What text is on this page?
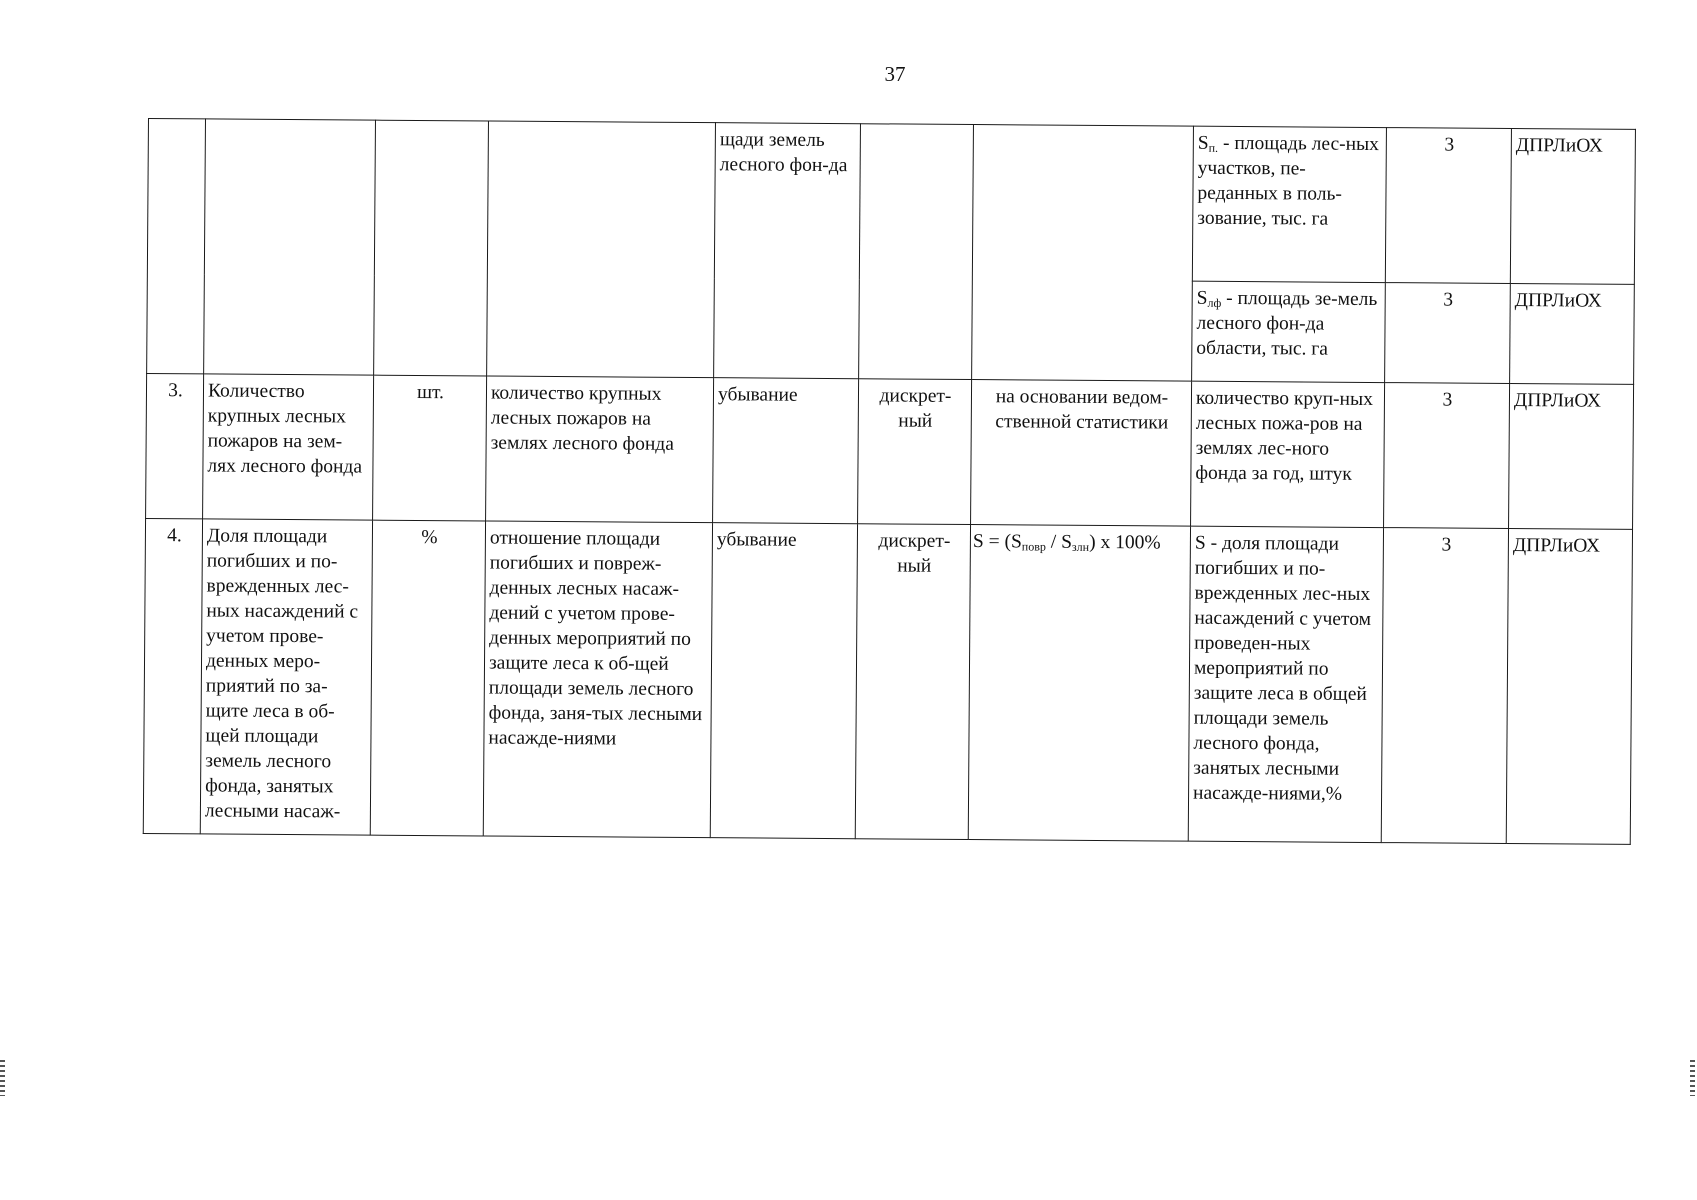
37
				щади земель лесного фон-да			$S_{п.}$ - площадь лес-ных участков, пе-реданных в поль-зование, тыс. га	3	ДПРЛиОХ
							$S_{лф}$ - площадь зе-мель лесного фон-да области, тыс. га	3	ДПРЛиОХ
3.	Количество крупных лесных пожаров на зем-лях лесного фонда	шт.	количество крупных лесных пожаров на землях лесного фонда	убывание	дискрет-ный	на основании ведом-ственной статистики	количество круп-ных лесных пожа-ров на землях лес-ного фонда за год, штук	3	ДПРЛиОХ
4.	Доля площади погибших и по-врежденных лес-ных насаждений с учетом прове-денных меро-приятий по за-щите леса в об-щей площади земель лесного фонда, занятых лесными насаж-	%	отношение площади погибших и повреж-денных лесных насаж-дений с учетом прове-денных мероприятий по защите леса к об-щей площади земель лесного фонда, заня-тых лесными насажде-ниями	убывание	дискрет-ный	$S = (S_{повр} / S_{злн})$ x 100%	S - доля площади погибших и по-врежденных лес-ных насаждений с учетом проведен-ных мероприятий по защите леса в общей площади земель лесного фонда, занятых лесными насажде-ниями,%	3	ДПРЛиОХ
